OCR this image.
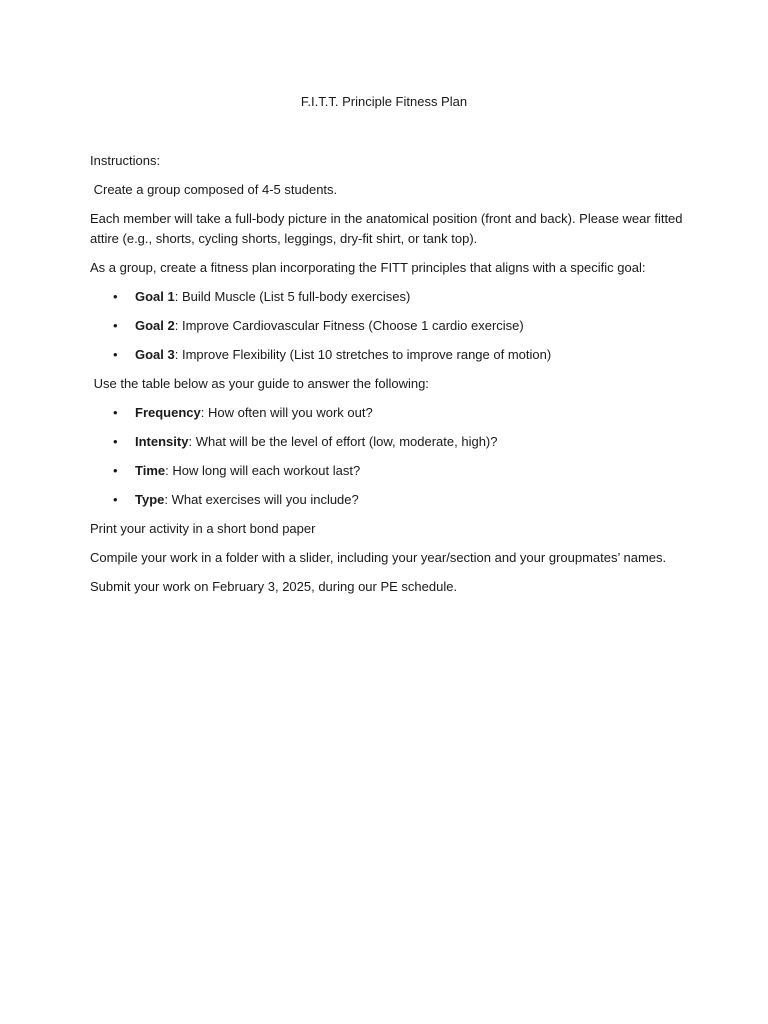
F.I.T.T. Principle Fitness Plan

Instructions:

Create a group composed of 4-5 students.

Each member will take a full-body picture in the anatomical position (front and back). Please wear fitted attire (e.g., shorts, cycling shorts, leggings, dry-fit shirt, or tank top).

As a group, create a fitness plan incorporating the FITT principles that aligns with a specific goal:

• Goal 1: Build Muscle (List 5 full-body exercises)
• Goal 2: Improve Cardiovascular Fitness (Choose 1 cardio exercise)
• Goal 3: Improve Flexibility (List 10 stretches to improve range of motion)

Use the table below as your guide to answer the following:

• Frequency: How often will you work out?
• Intensity: What will be the level of effort (low, moderate, high)?
• Time: How long will each workout last?
• Type: What exercises will you include?

Print your activity in a short bond paper

Compile your work in a folder with a slider, including your year/section and your groupmates’ names.

Submit your work on February 3, 2025, during our PE schedule.
